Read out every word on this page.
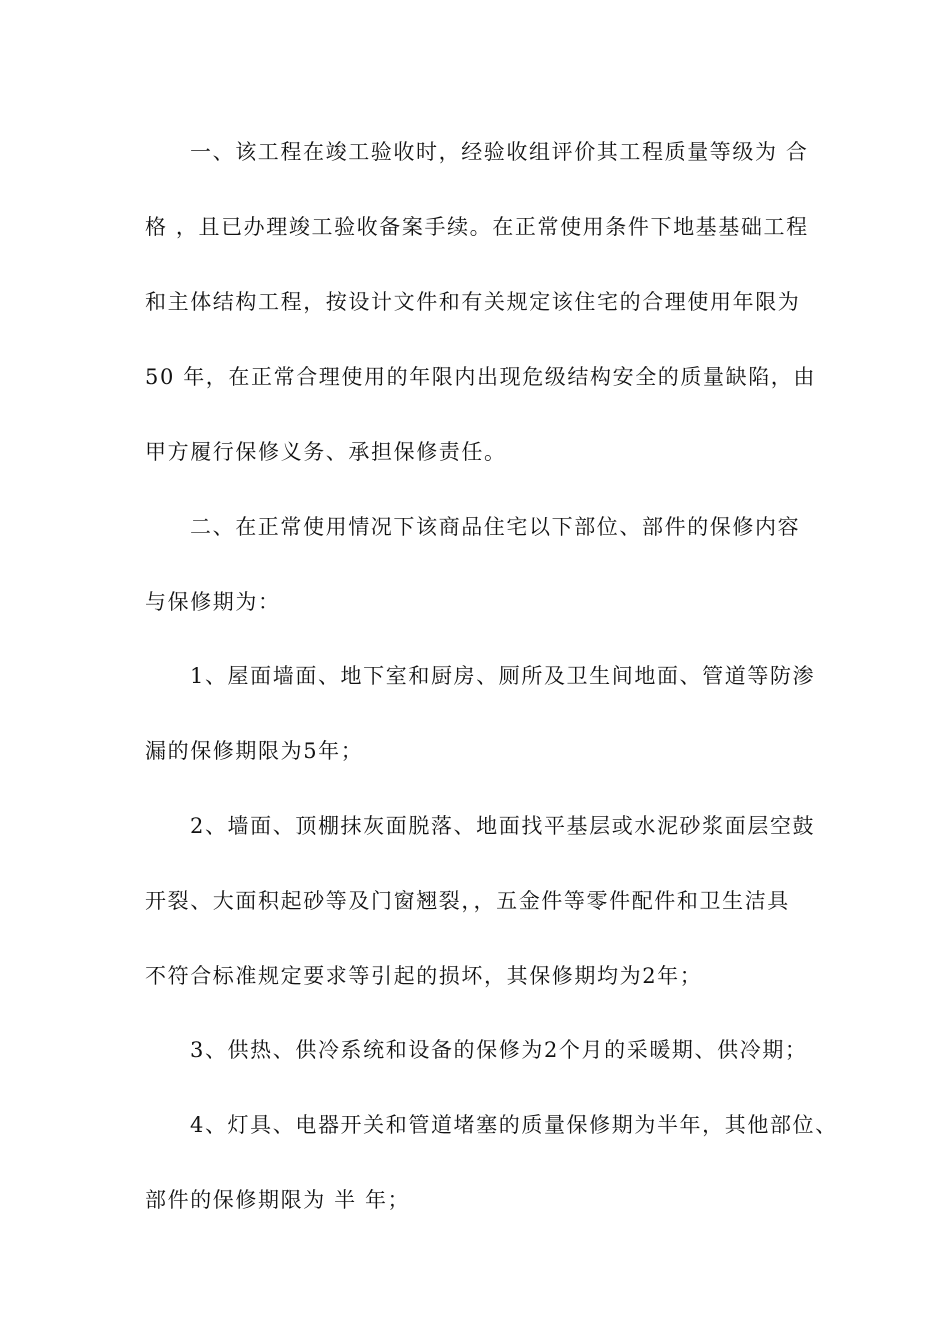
一、该工程在竣工验收时，经验收组评价其工程质量等级为 合
格 ，且已办理竣工验收备案手续。在正常使用条件下地基基础工程
和主体结构工程，按设计文件和有关规定该住宅的合理使用年限为
50 年，在正常合理使用的年限内出现危级结构安全的质量缺陷，由
甲方履行保修义务、承担保修责任。
二、在正常使用情况下该商品住宅以下部位、部件的保修内容
与保修期为：
1、屋面墙面、地下室和厨房、厕所及卫生间地面、管道等防渗
漏的保修期限为5年；
2、墙面、顶棚抹灰面脱落、地面找平基层或水泥砂浆面层空鼓
开裂、大面积起砂等及门窗翘裂，，五金件等零件配件和卫生洁具
不符合标准规定要求等引起的损坏，其保修期均为2年；
3、供热、供冷系统和设备的保修为2个月的采暖期、供冷期；
4、灯具、电器开关和管道堵塞的质量保修期为半年，其他部位、
部件的保修期限为 半 年；
